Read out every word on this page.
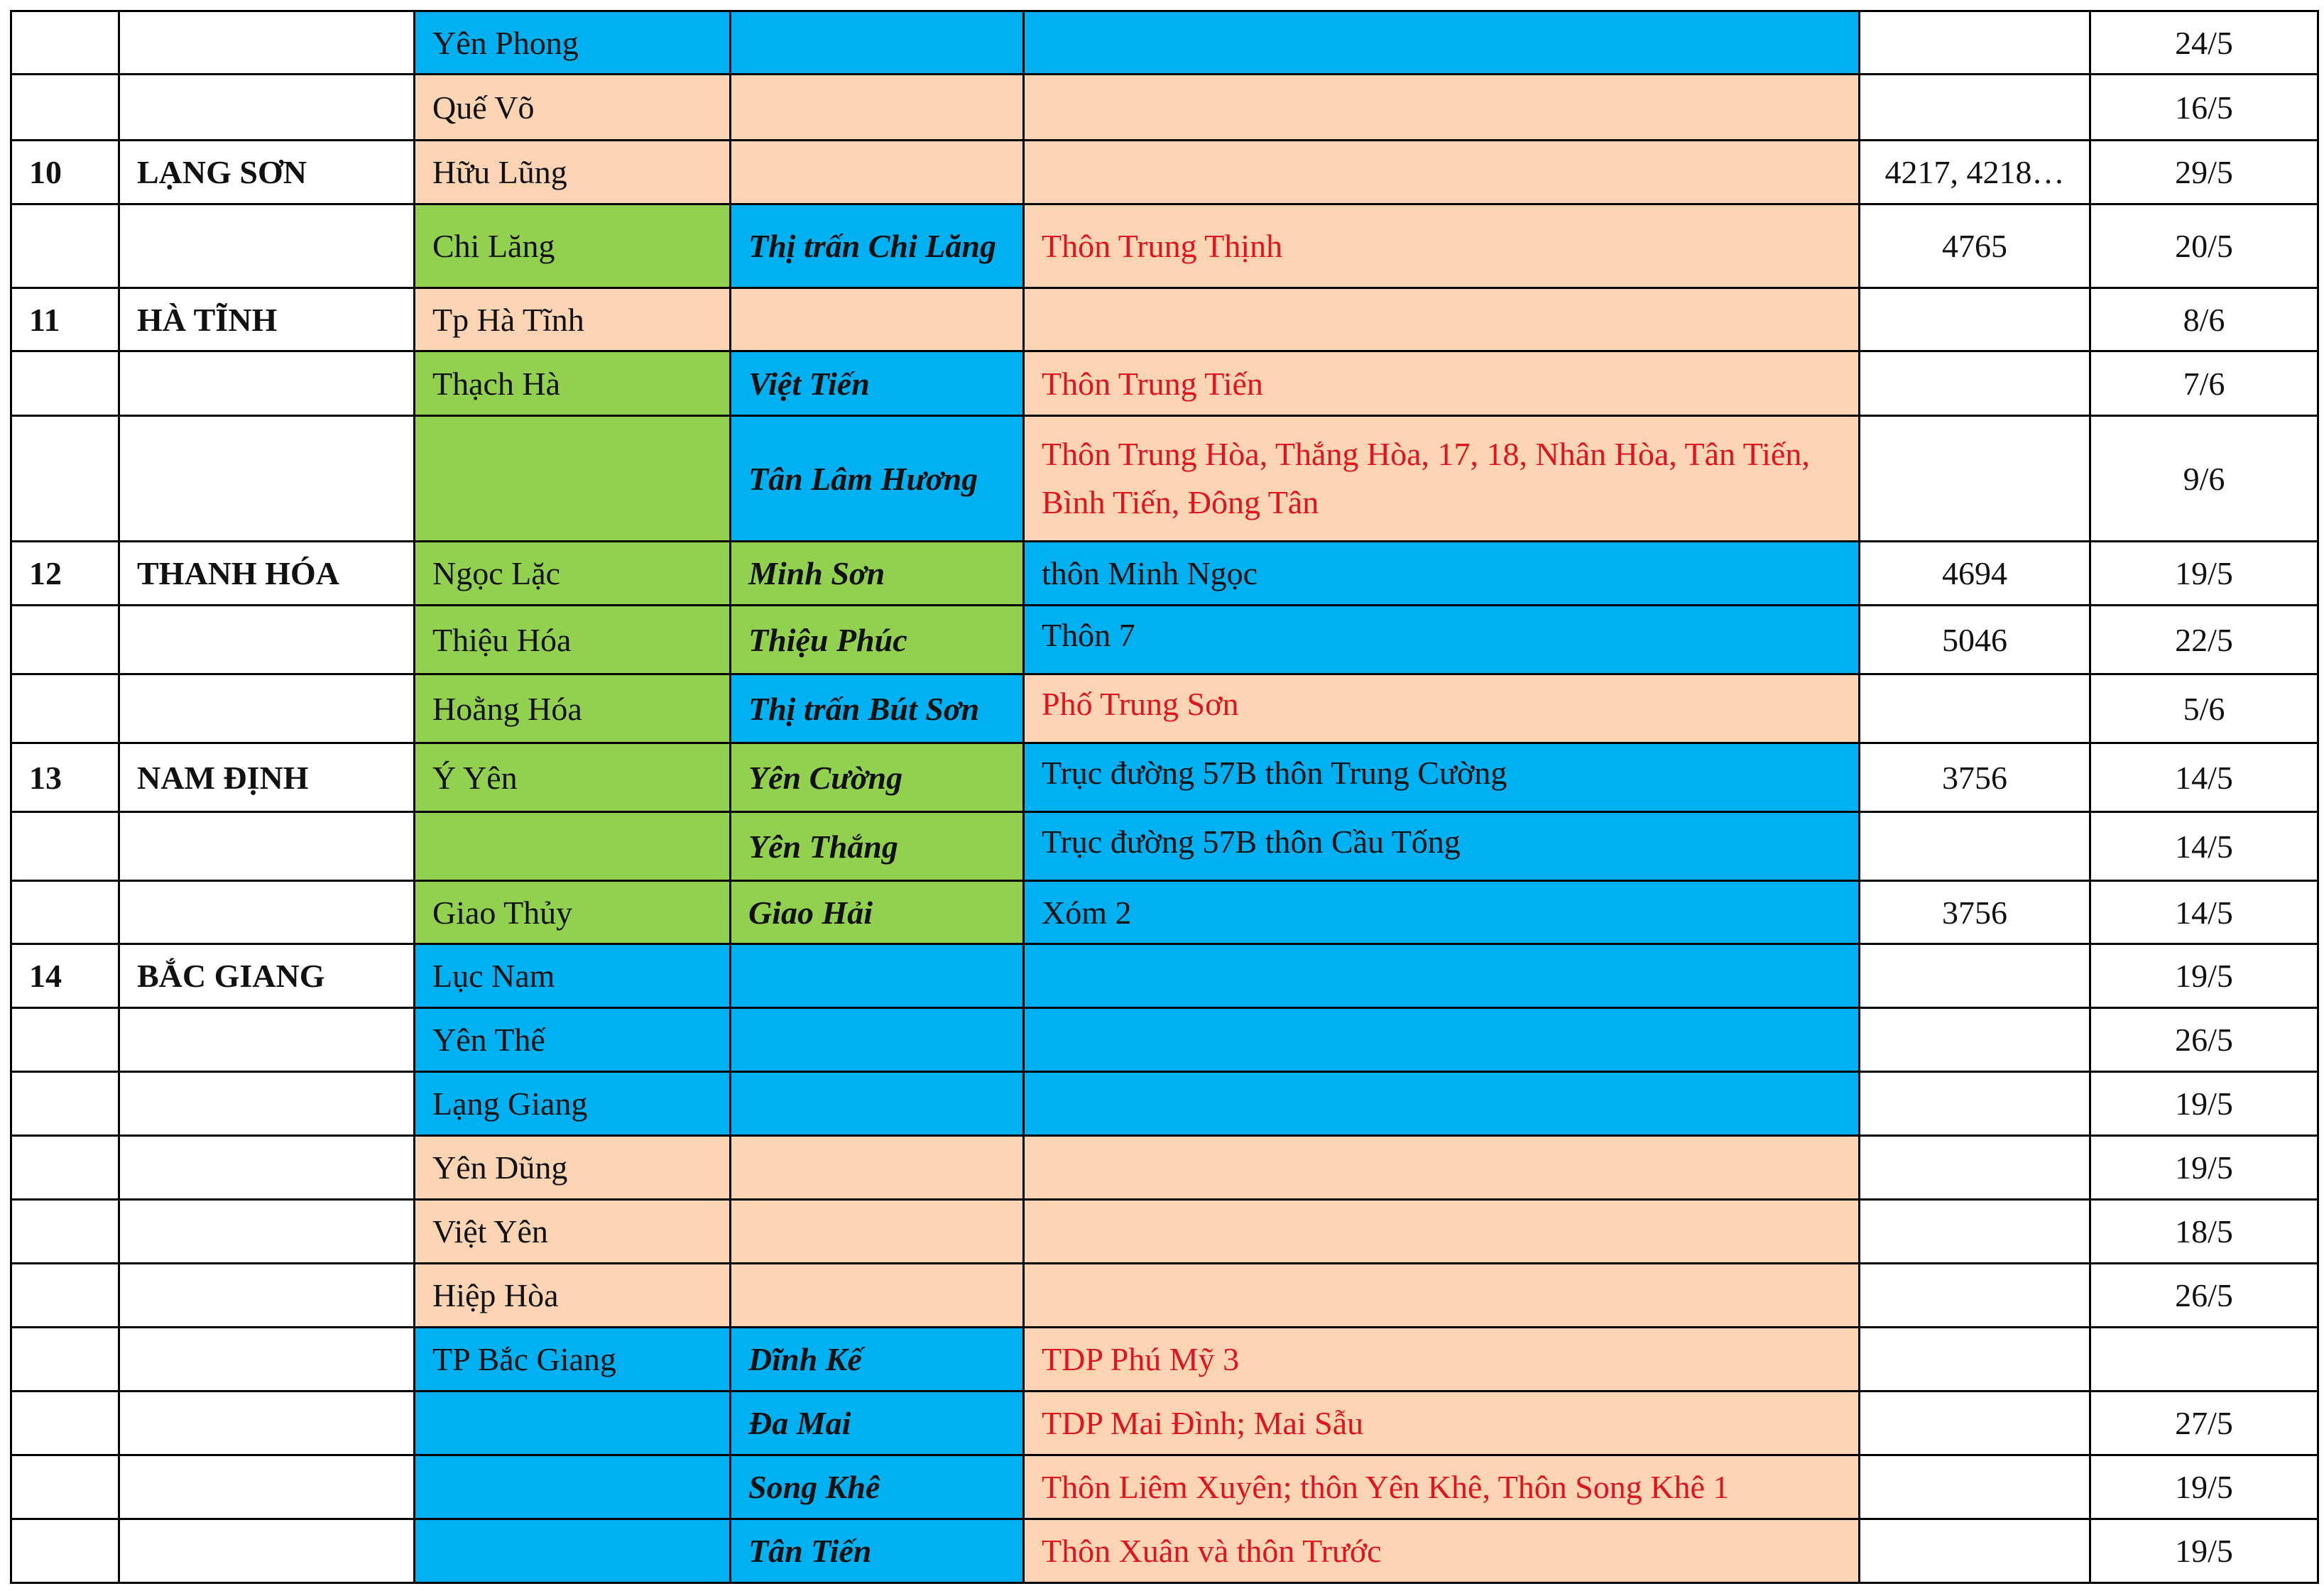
		Yên Phong				24/5
		Quế Võ				16/5
10	LẠNG SƠN	Hữu Lũng			4217, 4218…	29/5
		Chi Lăng	Thị trấn Chi Lăng	Thôn Trung Thịnh	4765	20/5
11	HÀ TĨNH	Tp Hà Tĩnh				8/6
		Thạch Hà	Việt Tiến	Thôn Trung Tiến		7/6
			Tân Lâm Hương	Thôn Trung Hòa, Thắng Hòa, 17, 18, Nhân Hòa, Tân Tiến, Bình Tiến, Đông Tân		9/6
12	THANH HÓA	Ngọc Lặc	Minh Sơn	thôn Minh Ngọc	4694	19/5
		Thiệu Hóa	Thiệu Phúc	Thôn 7	5046	22/5
		Hoằng Hóa	Thị trấn Bút Sơn	Phố Trung Sơn		5/6
13	NAM ĐỊNH	Ý Yên	Yên Cường	Trục đường 57B thôn Trung Cường	3756	14/5
			Yên Thắng	Trục đường 57B thôn Cầu Tống		14/5
		Giao Thủy	Giao Hải	Xóm 2	3756	14/5
14	BẮC GIANG	Lục Nam				19/5
		Yên Thế				26/5
		Lạng Giang				19/5
		Yên Dũng				19/5
		Việt Yên				18/5
		Hiệp Hòa				26/5
		TP Bắc Giang	Dĩnh Kế	TDP Phú Mỹ 3		
			Đa Mai	TDP Mai Đình; Mai Sẫu		27/5
			Song Khê	Thôn Liêm Xuyên; thôn Yên Khê, Thôn Song Khê 1		19/5
			Tân Tiến	Thôn Xuân và thôn Trước		19/5
